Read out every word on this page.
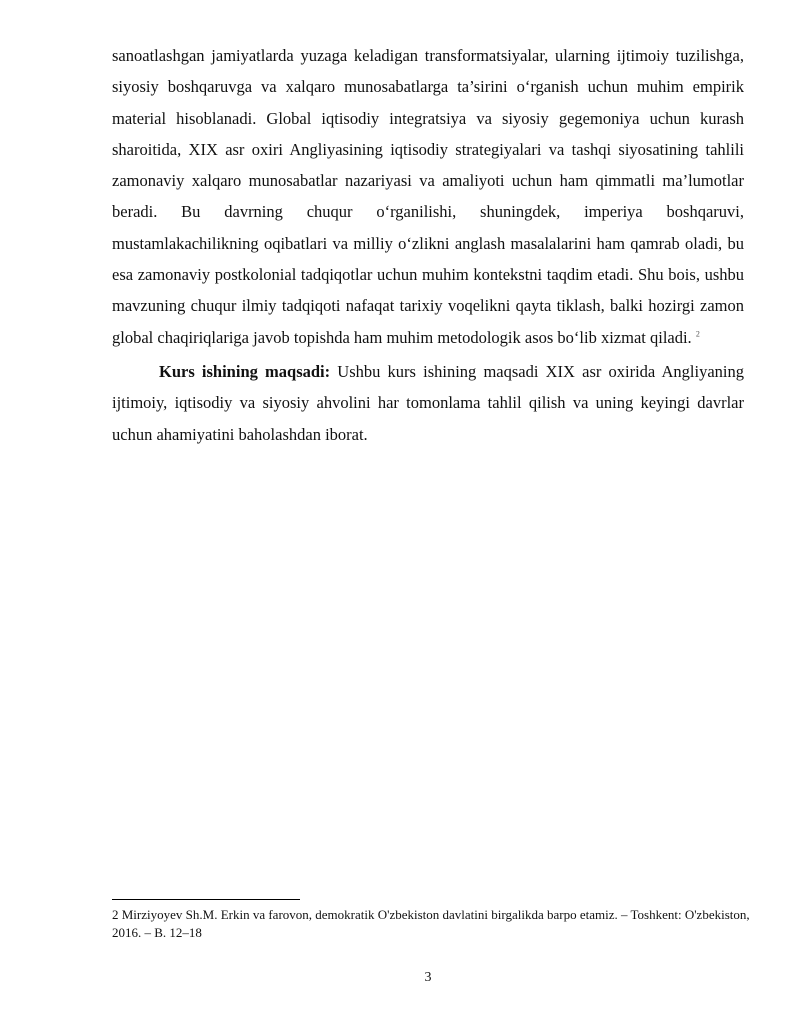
sanoatlashgan jamiyatlarda yuzaga keladigan transformatsiyalar, ularning ijtimoiy tuzilishga, siyosiy boshqaruvga va xalqaro munosabatlarga ta’sirini o‘rganish uchun muhim empirik material hisoblanadi. Global iqtisodiy integratsiya va siyosiy gegemoniya uchun kurash sharoitida, XIX asr oxiri Angliyasining iqtisodiy strategiyalari va tashqi siyosatining tahlili zamonaviy xalqaro munosabatlar nazariyasi va amaliyoti uchun ham qimmatli ma’lumotlar beradi. Bu davrning chuqur o‘rganilishi, shuningdek, imperiya boshqaruvi, mustamlakachilikning oqibatlari va milliy o‘zlikni anglash masalalarini ham qamrab oladi, bu esa zamonaviy postkolonial tadqiqotlar uchun muhim kontekstni taqdim etadi. Shu bois, ushbu mavzuning chuqur ilmiy tadqiqoti nafaqat tarixiy voqelikni qayta tiklash, balki hozirgi zamon global chaqiriqlariga javob topishda ham muhim metodologik asos bo‘lib xizmat qiladi. $^2$

Kurs ishining maqsadi: Ushbu kurs ishining maqsadi XIX asr oxirida Angliyaning ijtimoiy, iqtisodiy va siyosiy ahvolini har tomonlama tahlil qilish va uning keyingi davrlar uchun ahamiyatini baholashdan iborat.

2 Mirziyoyev Sh.M. Erkin va farovon, demokratik O'zbekiston davlatini birgalikda barpo etamiz. – Toshkent: O'zbekiston, 2016. – B. 12–18
3
